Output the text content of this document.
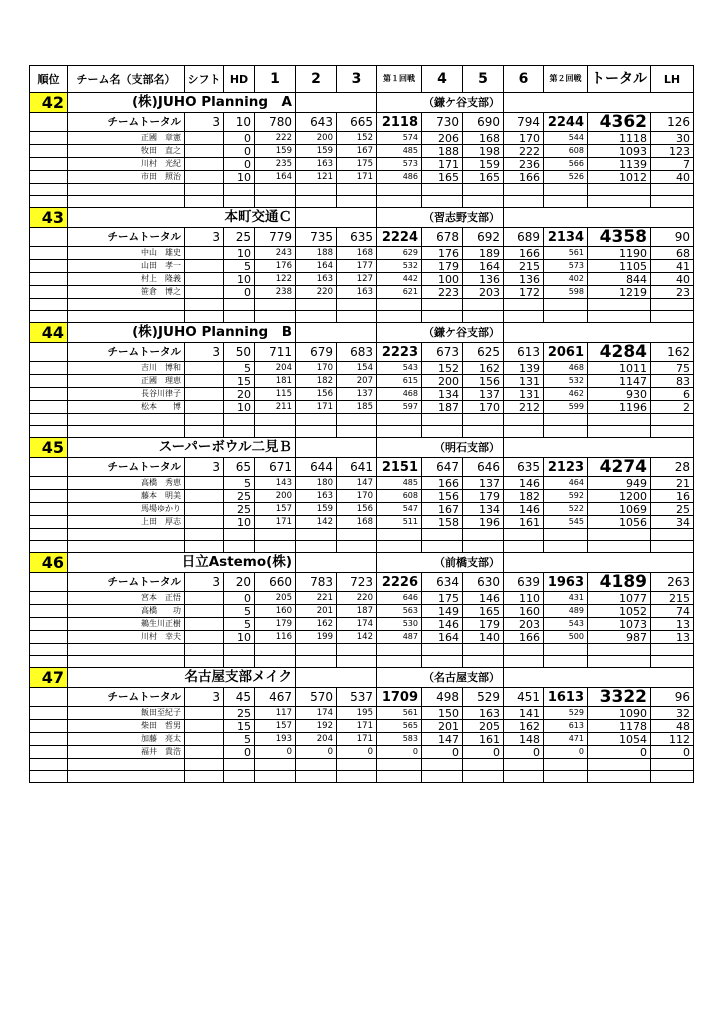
順位	チーム名（支部名）	シフト	HD	1	2	3	第１回戦	4	5	6	第２回戦	トータル	LH
42	(株)JUHO Planning　A						（鎌ケ谷支部）						
	チームトータル	3	10	780	643	665	2118	730	690	794	2244	4362	126
	正國　章憲		0	222	200	152	574	206	168	170	544	1118	30
	牧田　直之		0	159	159	167	485	188	198	222	608	1093	123
	川村　光紀		0	235	163	175	573	171	159	236	566	1139	7
	市田　照治		10	164	121	171	486	165	165	166	526	1012	40

43	本町交通Ｃ						（習志野支部）						
	チームトータル	3	25	779	735	635	2224	678	692	689	2134	4358	90
	中山　雄史		10	243	188	168	629	176	189	166	561	1190	68
	山田　孝一		5	176	164	177	532	179	164	215	573	1105	41
	村上　隆義		10	122	163	127	442	100	136	136	402	844	40
	笹倉　博之		0	238	220	163	621	223	203	172	598	1219	23

44	(株)JUHO Planning　B						（鎌ケ谷支部）						
	チームトータル	3	50	711	679	683	2223	673	625	613	2061	4284	162
	吉川　博和		5	204	170	154	543	152	162	139	468	1011	75
	正國　理恵		15	181	182	207	615	200	156	131	532	1147	83
	長谷川律子		20	115	156	137	468	134	137	131	462	930	6
	松本　　博		10	211	171	185	597	187	170	212	599	1196	2

45	スーパーボウル二見Ｂ						（明石支部）						
	チームトータル	3	65	671	644	641	2151	647	646	635	2123	4274	28
	高橋　秀恵		5	143	180	147	485	166	137	146	464	949	21
	藤本　明美		25	200	163	170	608	156	179	182	592	1200	16
	馬場ゆかり		25	157	159	156	547	167	134	146	522	1069	25
	上田　厚志		10	171	142	168	511	158	196	161	545	1056	34

46	日立Astemo(株)						（前橋支部）						
	チームトータル	3	20	660	783	723	2226	634	630	639	1963	4189	263
	宮本　正悟		0	205	221	220	646	175	146	110	431	1077	215
	高橋　　功		5	160	201	187	563	149	165	160	489	1052	74
	鵜生川正樹		5	179	162	174	530	146	179	203	543	1073	13
	川村　幸夫		10	116	199	142	487	164	140	166	500	987	13

47	名古屋支部メイク						（名古屋支部）						
	チームトータル	3	45	467	570	537	1709	498	529	451	1613	3322	96
	飯田至紀子		25	117	174	195	561	150	163	141	529	1090	32
	柴田　哲男		15	157	192	171	565	201	205	162	613	1178	48
	加藤　亮太		5	193	204	171	583	147	161	148	471	1054	112
	福井　貴浩		0	0	0	0	0	0	0	0	0	0	0
